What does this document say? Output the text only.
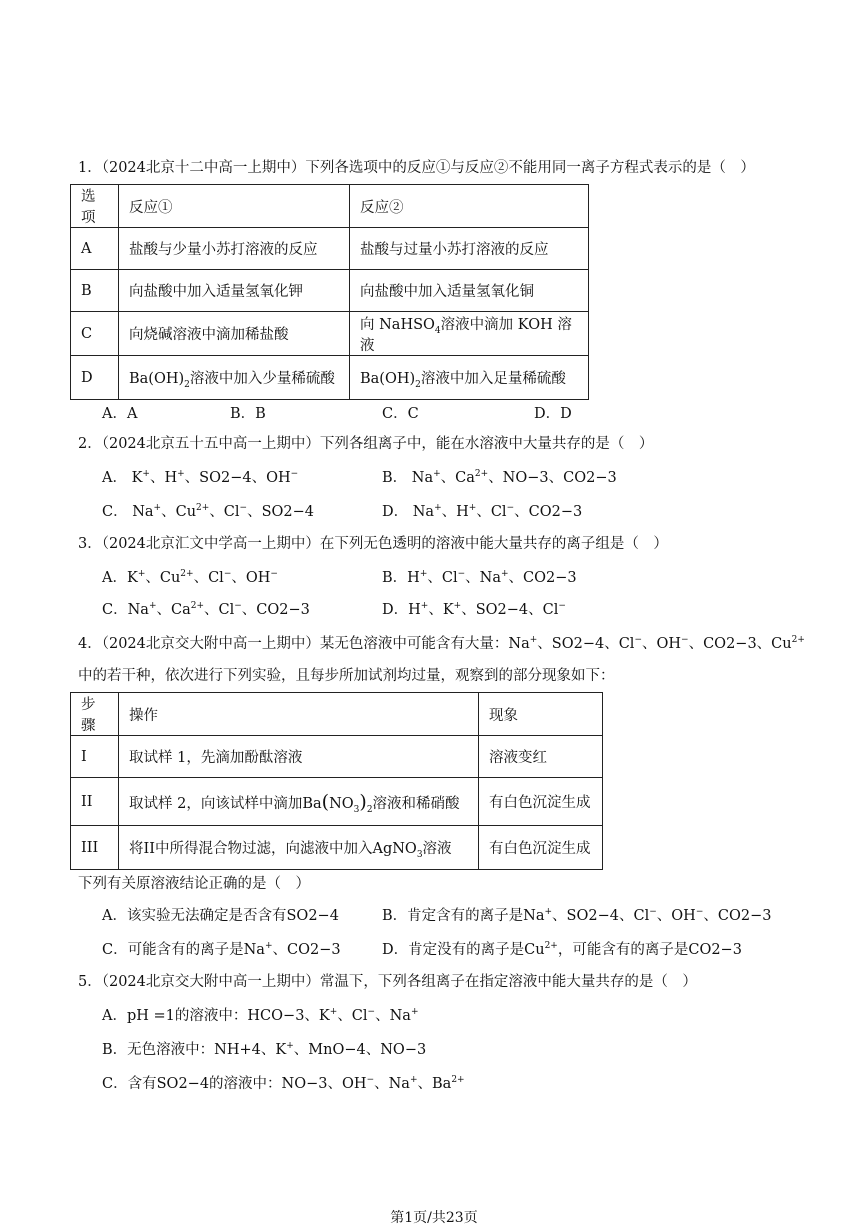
1．（2024北京十二中高一上期中）下列各选项中的反应①与反应②不能用同一离子方程式表示的是（　）
选项	反应①	反应②
A	盐酸与少量小苏打溶液的反应	盐酸与过量小苏打溶液的反应
B	向盐酸中加入适量氢氧化钾	向盐酸中加入适量氢氧化铜
C	向烧碱溶液中滴加稀盐酸	向 NaHSO$_4$溶液中滴加 KOH 溶液
D	$Ba(OH)_2$溶液中加入少量稀硫酸	$Ba(OH)_2$溶液中加入足量稀硫酸
A．A	B．B	C．C	D．D
2．（2024北京五十五中高一上期中）下列各组离子中，能在水溶液中大量共存的是（　）
A． K+、H+、SO2−4、OH−	B． Na+、$Ca^{2+}$、NO−3、CO2−3
C． Na+、$Cu^{2+}$、Cl−、SO2−4	D． Na+、H+、Cl−、CO2−3
3．（2024北京汇文中学高一上期中）在下列无色透明的溶液中能大量共存的离子组是（　）
A．K+、$Cu^{2+}$、Cl−、OH−	B．H+、Cl−、Na+、CO2−3
C．Na+、$Ca^{2+}$、Cl−、CO2−3	D．H+、K+、SO2−4、Cl−
4．（2024北京交大附中高一上期中）某无色溶液中可能含有大量：Na+、SO2−4、Cl−、OH−、CO2−3、$Cu^{2+}$
中的若干种，依次进行下列实验，且每步所加试剂均过量，观察到的部分现象如下：
步骤	操作	现象
I	取试样 1，先滴加酚酞溶液	溶液变红
II	取试样 2，向该试样中滴加$Ba(NO_3)_2$溶液和稀硝酸	有白色沉淀生成
III	将II中所得混合物过滤，向滤液中加入AgNO$_3$溶液	有白色沉淀生成
下列有关原溶液结论正确的是（　）
A．该实验无法确定是否含有SO2−4	B．肯定含有的离子是Na+、SO2−4、Cl−、OH−、CO2−3
C．可能含有的离子是Na+、CO2−3	D．肯定没有的离子是$Cu^{2+}$，可能含有的离子是CO2−3
5．（2024北京交大附中高一上期中）常温下，下列各组离子在指定溶液中能大量共存的是（　）
A．pH =1的溶液中：HCO−3、K+、Cl−、Na+
B．无色溶液中：NH+4、K+、MnO−4、NO−3
C．含有SO2−4的溶液中：NO−3、OH−、Na+、$Ba^{2+}$
第1页/共23页
